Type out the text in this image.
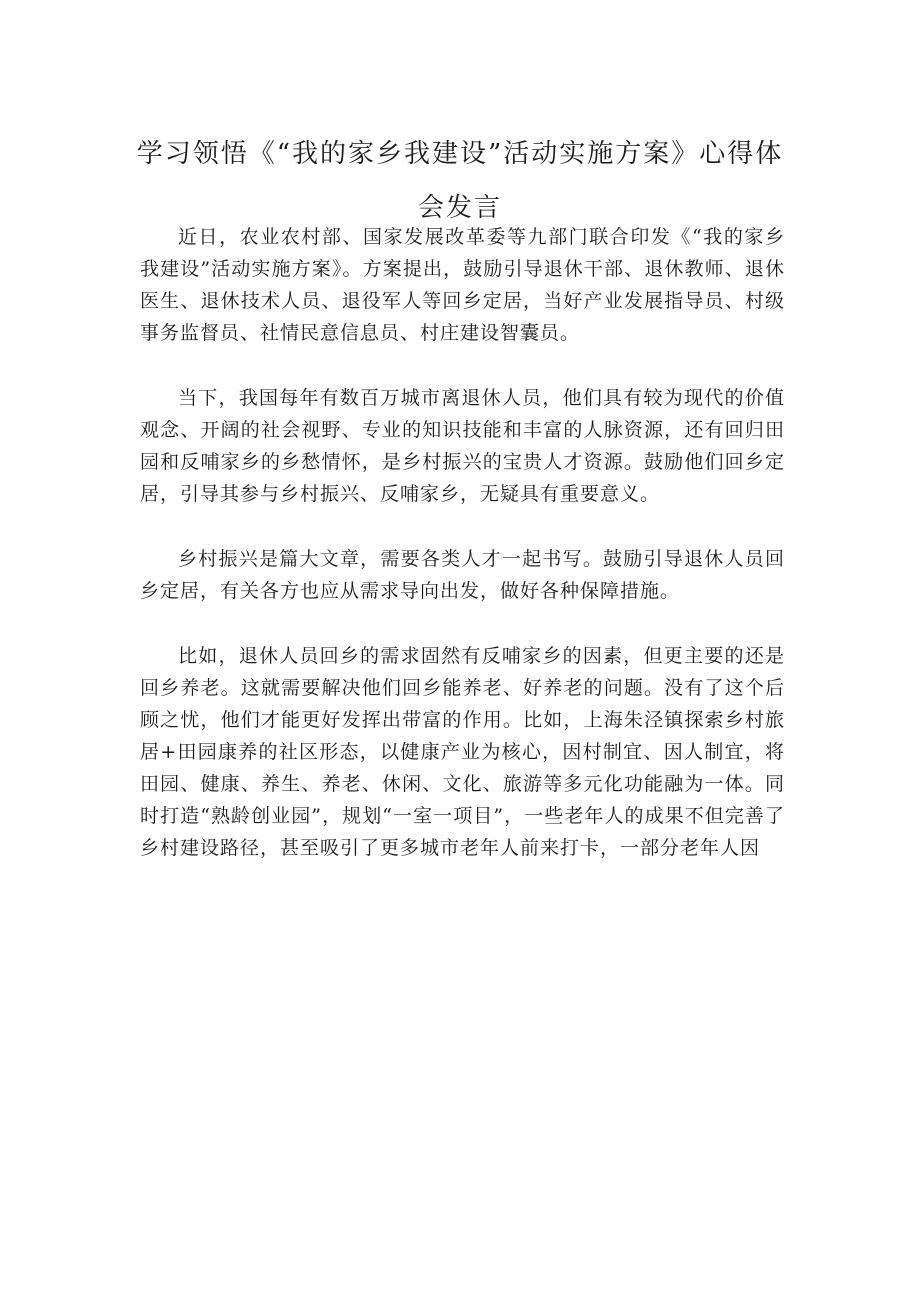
学习领悟《“我的家乡我建设”活动实施方案》心得体会发言

近日，农业农村部、国家发展改革委等九部门联合印发《“我的家乡我建设”活动实施方案》。方案提出，鼓励引导退休干部、退休教师、退休医生、退休技术人员、退役军人等回乡定居，当好产业发展指导员、村级事务监督员、社情民意信息员、村庄建设智囊员。

当下，我国每年有数百万城市离退休人员，他们具有较为现代的价值观念、开阔的社会视野、专业的知识技能和丰富的人脉资源，还有回归田园和反哺家乡的乡愁情怀，是乡村振兴的宝贵人才资源。鼓励他们回乡定居，引导其参与乡村振兴、反哺家乡，无疑具有重要意义。

乡村振兴是篇大文章，需要各类人才一起书写。鼓励引导退休人员回乡定居，有关各方也应从需求导向出发，做好各种保障措施。

比如，退休人员回乡的需求固然有反哺家乡的因素，但更主要的还是回乡养老。这就需要解决他们回乡能养老、好养老的问题。没有了这个后顾之忧，他们才能更好发挥出带富的作用。比如，上海朱泾镇探索乡村旅居+田园康养的社区形态，以健康产业为核心，因村制宜、因人制宜，将田园、健康、养生、养老、休闲、文化、旅游等多元化功能融为一体。同时打造“熟龄创业园”，规划“一室一项目”，一些老年人的成果不但完善了乡村建设路径，甚至吸引了更多城市老年人前来打卡，一部分老年人因
